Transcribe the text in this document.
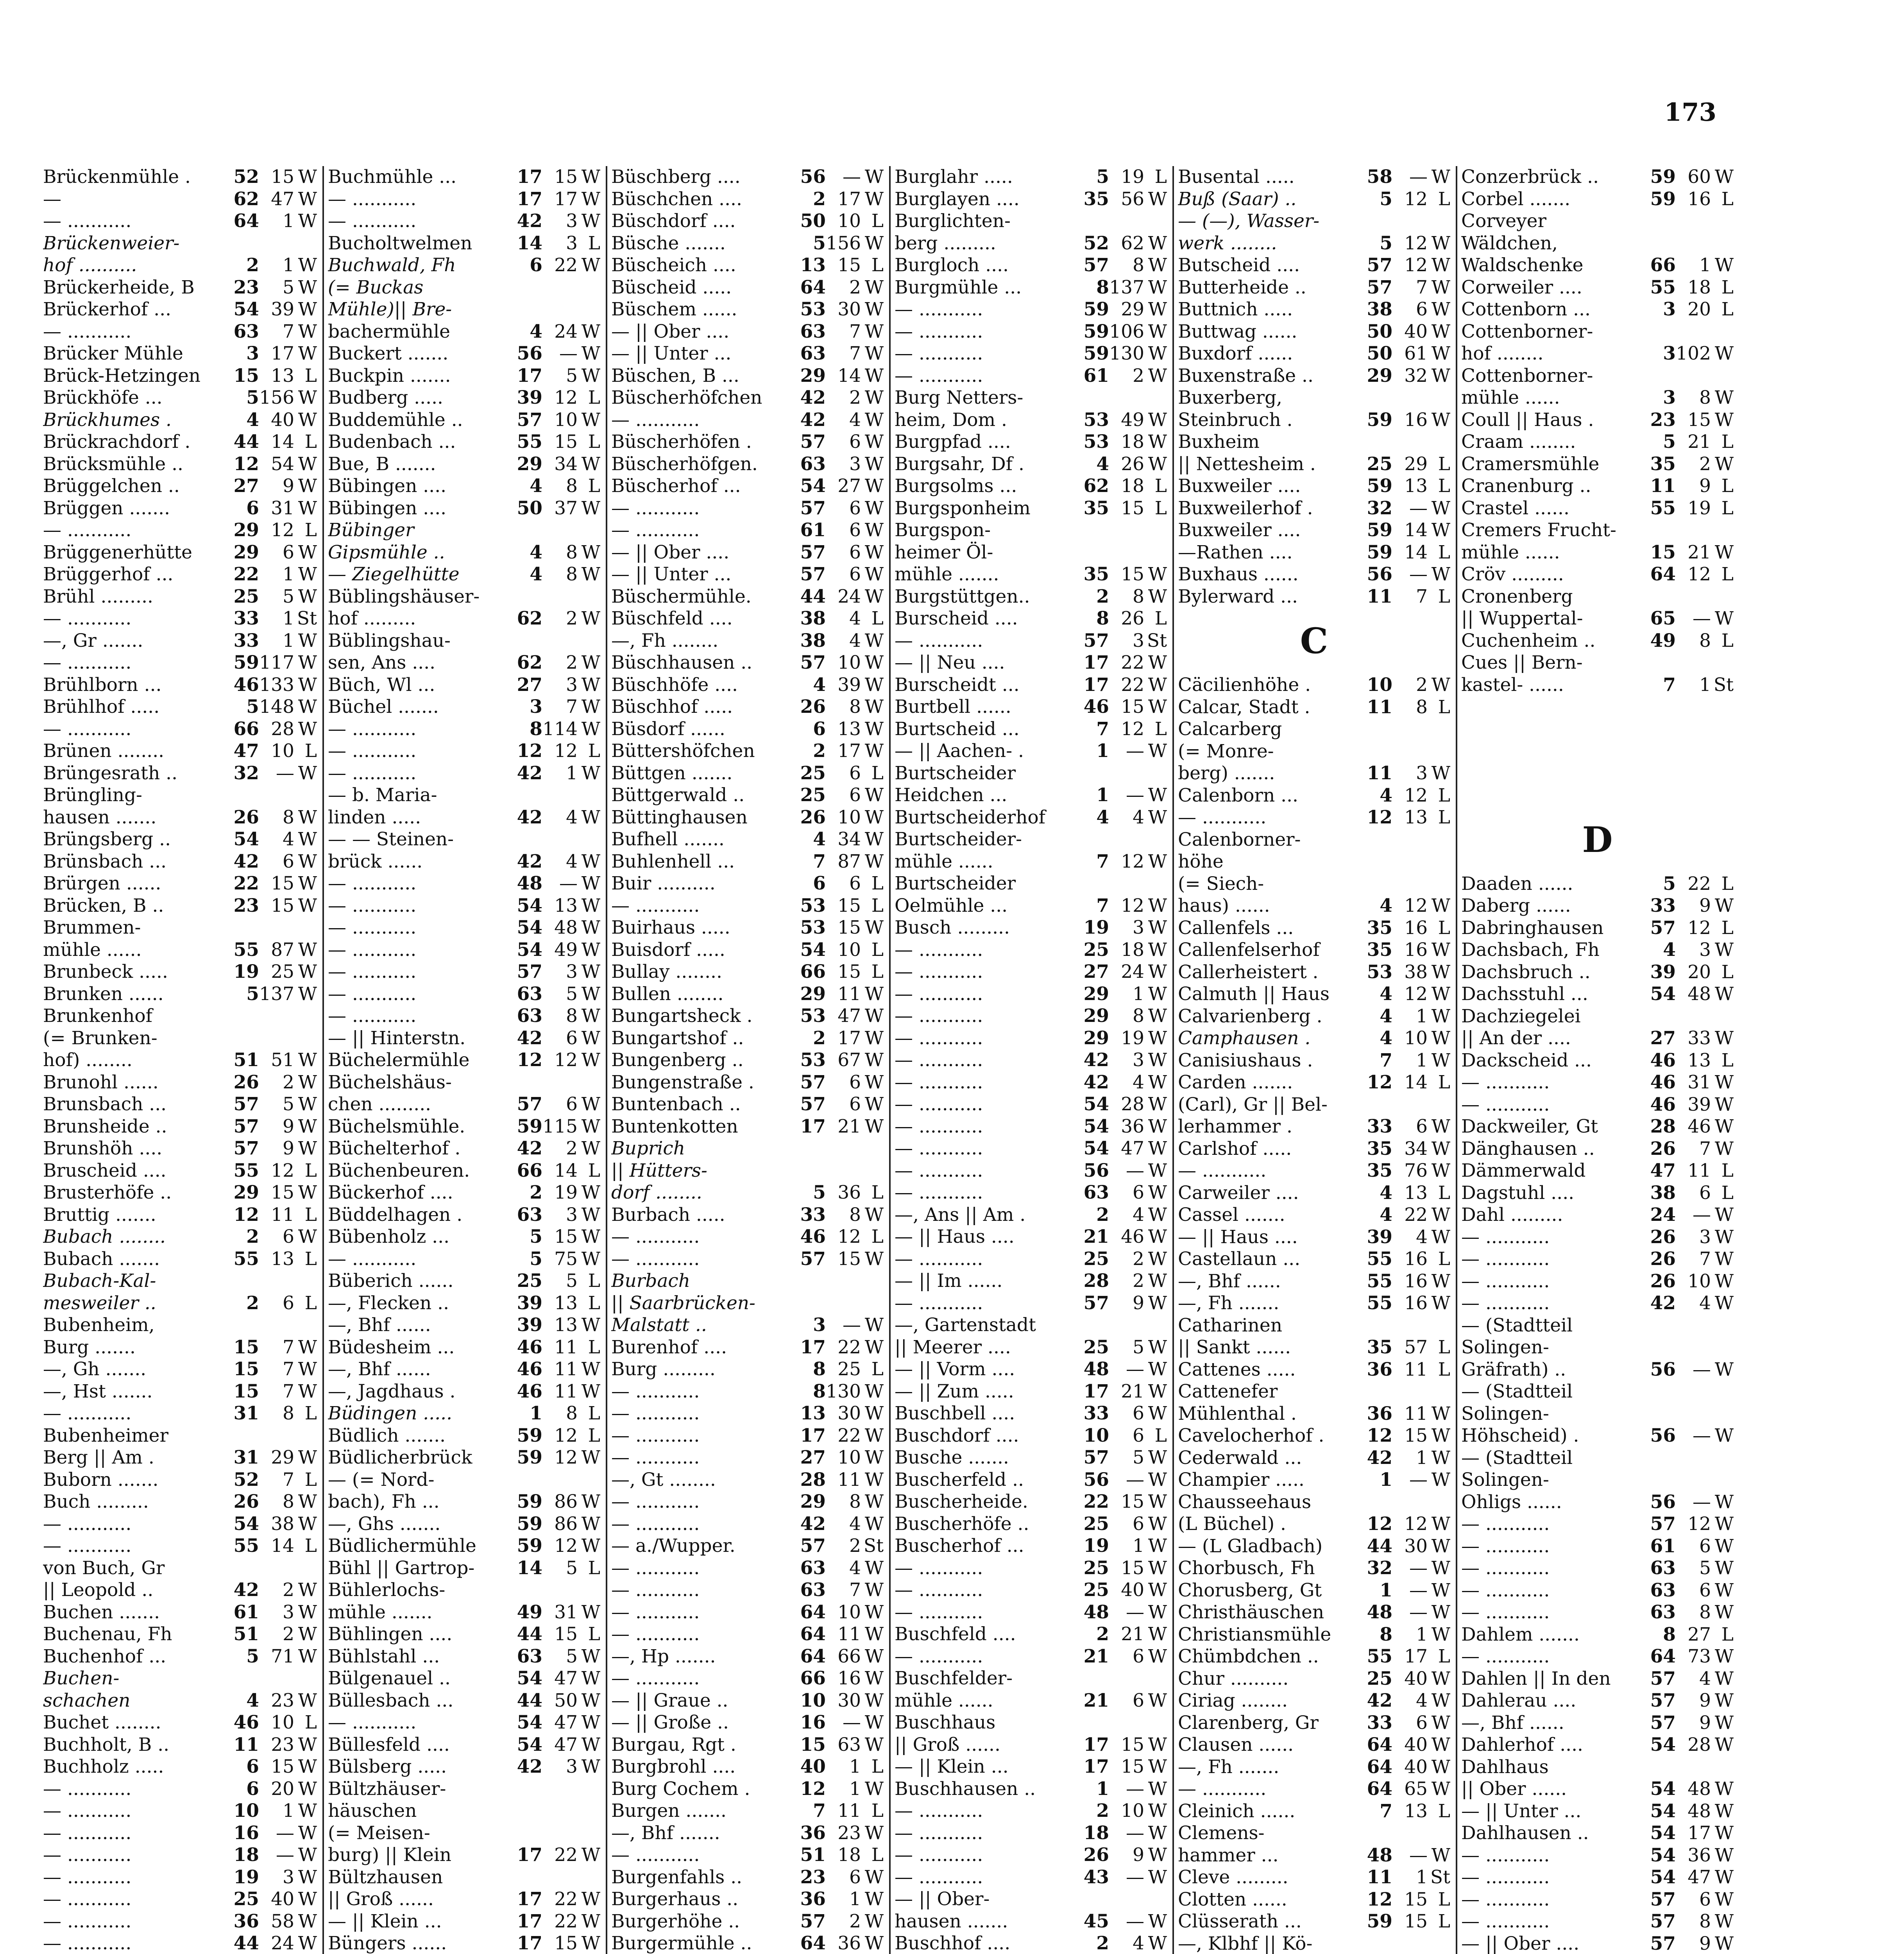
173
Brückenmühle .	52 15 W
—	62 47 W
— ...........	64	1 W
Brückenweier-
hof ..........	2	1 W
Brückerheide, B	23	5 W
Brückerhof ...	54 39 W
— ...........	63	7 W
Brücker Mühle	3 17 W
Brück-Hetzingen	15 13 L
Brückhöfe ...	5 156 W
Brückhumes .	4 40 W
Brückrachdorf .	44 14 L
Brücksmühle ..	12 54 W
Brüggelchen ..	27	9 W
Brüggen .......	6 31 W
— ...........	29 12 L
Brüggenerhütte	29	6 W
Brüggerhof ...	22	1 W
Brühl .........	25	5 W
— ...........	33	1 St
—, Gr .......	33	1 W
— ...........	59 117 W
Brühlborn ...	46 133 W
Brühlhof .....	5 148 W
— ...........	66 28 W
Brünen ........	47 10 L
Brüngesrath ..	32 — W
Brüngling-
hausen .......	26	8 W
Brüngsberg ..	54	4 W
Brünsbach ...	42	6 W
Brürgen ......	22 15 W
Brücken, B ..	23 15 W
Brummen-
mühle ......	55 87 W
Brunbeck .....	19 25 W
Brunken ......	5 137 W
Brunkenhof
(= Brunken-
hof) ........	51 51 W
Brunohl ......	26	2 W
Brunsbach ...	57	5 W
Brunsheide ..	57	9 W
Brunshöh ....	57	9 W
Bruscheid ....	55 12 L
Brusterhöfe ..	29 15 W
Bruttig .......	12 11 L
Bubach ........	2	6 W
Bubach .......	55 13 L
Bubach-Kal-
mesweiler ..	2	6 L
Bubenheim,
Burg .......	15	7 W
—, Gh .......	15	7 W
—, Hst .......	15	7 W
— ...........	31	8 L
Bubenheimer
Berg || Am .	31 29 W
Buborn .......	52	7 L
Buch .........	26	8 W
— ...........	54 38 W
— ...........	55 14 L
von Buch, Gr
|| Leopold ..	42	2 W
Buchen .......	61	3 W
Buchenau, Fh	51	2 W
Buchenhof ...	5 71 W
Buchen-
schachen	4 23 W
Buchet ........	46 10 L
Buchholt, B ..	11 23 W
Buchholz .....	6 15 W
— ...........	6 20 W
— ...........	10	1 W
— ...........	16 — W
— ...........	18 — W
— ...........	19	3 W
— ...........	25 40 W
— ...........	36 58 W
— ...........	44 24 W
Buchmühle ...	17 15 W
— ...........	17 17 W
— ...........	42	3 W
Bucholtwelmen	14	3 L
Buchwald, Fh	6 22 W
(= Buckas
Mühle)|| Bre-
bachermühle	4 24 W
Buckert .......	56 — W
Buckpin .......	17	5 W
Budberg .....	39 12 L
Buddemühle ..	57 10 W
Budenbach ...	55 15 L
Bue, B .......	29 34 W
Bübingen ....	4	8 L
Bübingen ....	50 37 W
Bübinger
Gipsmühle ..	4	8 W
— Ziegelhütte	4	8 W
Büblingshäuser-
hof .........	62	2 W
Büblingshau-
sen, Ans ....	62	2 W
Büch, Wl ...	27	3 W
Büchel .......	3	7 W
— ...........	8 114 W
— ...........	12 12 L
— ...........	42	1 W
— b. Maria-
linden .....	42	4 W
— — Steinen-
brück ......	42	4 W
— ...........	48 — W
— ...........	54 13 W
— ...........	54 48 W
— ...........	54 49 W
— ...........	57	3 W
— ...........	63	5 W
— ...........	63	8 W
— || Hinterstn.	42	6 W
Büchelermühle	12 12 W
Büchelshäus-
chen .........	57	6 W
Büchelsmühle.	59 115 W
Büchelterhof .	42	2 W
Büchenbeuren.	66 14 L
Bückerhof ....	2 19 W
Büddelhagen .	63	3 W
Bübenholz ...	5 15 W
— ...........	5 75 W
Büberich ......	25	5 L
—, Flecken ..	39 13 L
—, Bhf ......	39 13 W
Büdesheim ...	46 11 L
—, Bhf ......	46 11 W
—, Jagdhaus .	46 11 W
Büdingen .....	1	8 L
Büdlich .......	59 12 L
Büdlicherbrück	59 12 W
— (= Nord-
bach), Fh ...	59 86 W
—, Ghs .......	59 86 W
Büdlichermühle	59 12 W
Bühl || Gartrop-	14	5 L
Bühlerlochs-
mühle .......	49 31 W
Bühlingen ....	44 15 L
Bühlstahl ...	63	5 W
Bülgenauel ..	54 47 W
Büllesbach ...	44 50 W
— ...........	54 47 W
Büllesfeld ....	54 47 W
Bülsberg .....	42	3 W
Bültzhäuser-
häuschen
(= Meisen-
burg) || Klein	17 22 W
Bültzhausen
|| Groß ......	17 22 W
— || Klein ...	17 22 W
Büngers ......	17 15 W
Büschberg ....	56 — W
Büschchen ....	2 17 W
Büschdorf ....	50 10 L
Büsche .......	5 156 W
Büscheich ....	13 15 L
Büscheid .....	64	2 W
Büschem ......	53 30 W
— || Ober ....	63	7 W
— || Unter ...	63	7 W
Büschen, B ...	29 14 W
Büscherhöfchen	42	2 W
— ...........	42	4 W
Büscherhöfen .	57	6 W
Büscherhöfgen.	63	3 W
Büscherhof ...	54 27 W
— ...........	57	6 W
— ...........	61	6 W
— || Ober ....	57	6 W
— || Unter ...	57	6 W
Büschermühle.	44 24 W
Büschfeld ....	38	4 L
—, Fh ........	38	4 W
Büschhausen ..	57 10 W
Büschhöfe ....	4 39 W
Büschhof .....	26	8 W
Büsdorf ......	6 13 W
Büttershöfchen	2 17 W
Büttgen .......	25	6 L
Büttgerwald ..	25	6 W
Büttinghausen	26 10 W
Bufhell .......	4 34 W
Buhlenhell ...	7 87 W
Buir ..........	6	6 L
— ...........	53 15 L
Buirhaus .....	53 15 W
Buisdorf .....	54 10 L
Bullay ........	66 15 L
Bullen ........	29 11 W
Bungartsheck .	53 47 W
Bungartshof ..	2 17 W
Bungenberg ..	53 67 W
Bungenstraße .	57	6 W
Buntenbach ..	57	6 W
Buntenkotten	17 21 W
Buprich
|| Hütters-
dorf ........	5 36 L
Burbach .....	33	8 W
— ...........	46 12 L
— ...........	57 15 W
Burbach
|| Saarbrücken-
Malstatt ..	3 — W
Burenhof ....	17 22 W
Burg .........	8 25 L
— ...........	8 130 W
— ...........	13 30 W
— ...........	17 22 W
— ...........	27 10 W
—, Gt ........	28 11 W
— ...........	29	8 W
— ...........	42	4 W
— a./Wupper.	57	2 St
— ...........	63	4 W
— ...........	63	7 W
— ...........	64 10 W
— ...........	64 11 W
—, Hp .......	64 66 W
— ...........	66 16 W
— || Graue ..	10 30 W
— || Große ..	16 — W
Burgau, Rgt .	15 63 W
Burgbrohl ....	40	1 L
Burg Cochem .	12	1 W
Burgen .......	7 11 L
—, Bhf .......	36 23 W
— ...........	51 18 L
Burgenfahls ..	23	6 W
Burgerhaus ..	36	1 W
Burgerhöhe ..	57	2 W
Burgermühle ..	64 36 W
Burglahr .....	5 19 L
Burglayen ....	35 56 W
Burglichten-
berg .........	52 62 W
Burgloch ....	57	8 W
Burgmühle ...	8 137 W
— ...........	59 29 W
— ...........	59 106 W
— ...........	59 130 W
— ...........	61	2 W
Burg Netters-
heim, Dom .	53 49 W
Burgpfad ....	53 18 W
Burgsahr, Df .	4 26 W
Burgsolms ...	62 18 L
Burgsponheim	35 15 L
Burgspon-
heimer Öl-
mühle .......	35 15 W
Burgstüttgen..	2	8 W
Burscheid ....	8 26 L
— ...........	57	3 St
— || Neu ....	17 22 W
Burscheidt ...	17 22 W
Burtbell ......	46 15 W
Burtscheid ...	7 12 L
— || Aachen- .	1 — W
Burtscheider
Heidchen ...	1 — W
Burtscheiderhof	4	4 W
Burtscheider-
mühle ......	7 12 W
Burtscheider
Oelmühle ...	7 12 W
Busch .........	19	3 W
— ...........	25 18 W
— ...........	27 24 W
— ...........	29	1 W
— ...........	29	8 W
— ...........	29 19 W
— ...........	42	3 W
— ...........	42	4 W
— ...........	54 28 W
— ...........	54 36 W
— ...........	54 47 W
— ...........	56 — W
— ...........	63	6 W
—, Ans || Am .	2	4 W
— || Haus ....	21 46 W
— ...........	25	2 W
— || Im ......	28	2 W
— ...........	57	9 W
—, Gartenstadt
|| Meerer ....	25	5 W
— || Vorm ....	48 — W
— || Zum .....	17 21 W
Buschbell ....	33	6 W
Buschdorf ....	10	6 L
Busche .......	57	5 W
Buscherfeld ..	56 — W
Buscherheide.	22 15 W
Buscherhöfe ..	25	6 W
Buscherhof ...	19	1 W
— ...........	25 15 W
— ...........	25 40 W
— ...........	48 — W
Buschfeld ....	2 21 W
— ...........	21	6 W
Buschfelder-
mühle ......	21	6 W
Buschhaus
|| Groß ......	17 15 W
— || Klein ...	17 15 W
Buschhausen ..	1 — W
— ...........	2 10 W
— ...........	18 — W
— ...........	26	9 W
— ...........	43 — W
— || Ober-
hausen .......	45 — W
Buschhof ....	2	4 W
Busental .....	58 — W
Buß (Saar) ..	5 12 L
— (—), Wasser-
werk ........	5 12 W
Butscheid ....	57 12 W
Butterheide ..	57	7 W
Buttnich .....	38	6 W
Buttwag ......	50 40 W
Buxdorf ......	50 61 W
Buxenstraße ..	29 32 W
Buxerberg,
Steinbruch .	59 16 W
Buxheim
|| Nettesheim .	25 29 L
Buxweiler ....	59 13 L
Buxweilerhof .	32 — W
Buxweiler ....	59 14 W
—Rathen ....	59 14 L
Buxhaus ......	56 — W
Bylerward ...	11	7 L
C
Cäcilienhöhe .	10	2 W
Calcar, Stadt .	11	8 L
Calcarberg
(= Monre-
berg) .......	11	3 W
Calenborn ...	4 12 L
— ...........	12 13 L
Calenborner-
höhe
(= Siech-
haus) ......	4 12 W
Callenfels ...	35 16 L
Callenfelserhof	35 16 W
Callerheistert .	53 38 W
Calmuth || Haus	4 12 W
Calvarienberg .	4	1 W
Camphausen .	4 10 W
Canisiushaus .	7	1 W
Carden .......	12 14 L
(Carl), Gr || Bel-
lerhammer .	33	6 W
Carlshof .....	35 34 W
— ...........	35 76 W
Carweiler ....	4 13 L
Cassel .......	4 22 W
— || Haus ....	39	4 W
Castellaun ...	55 16 L
—, Bhf ......	55 16 W
—, Fh .......	55 16 W
Catharinen
|| Sankt ......	35 57 L
Cattenes .....	36 11 L
Cattenefer
Mühlenthal .	36 11 W
Cavelocherhof .	12 15 W
Cederwald ...	42	1 W
Champier .....	1 — W
Chausseehaus
(L Büchel) .	12 12 W
— (L Gladbach)	44 30 W
Chorbusch, Fh	32 — W
Chorusberg, Gt	1 — W
Christhäuschen	48 — W
Christiansmühle	8	1 W
Chümbdchen ..	55 17 L
Chur ..........	25 40 W
Ciriag ........	42	4 W
Clarenberg, Gr	33	6 W
Clausen ......	64 40 W
—, Fh .......	64 40 W
— ...........	64 65 W
Cleinich ......	7 13 L
Clemens-
hammer ...	48 — W
Cleve .........	11	1 St
Clotten ......	12 15 L
Clüsserath ...	59 15 L
—, Klbhf || Kö-
Conzerbrück ..	59 60 W
Corbel .......	59 16 L
Corveyer
Wäldchen,
Waldschenke	66	1 W
Corweiler ....	55 18 L
Cottenborn ...	3 20 L
Cottenborner-
hof ........	3 102 W
Cottenborner-
mühle ......	3	8 W
Coull || Haus .	23 15 W
Craam ........	5 21 L
Cramersmühle	35	2 W
Cranenburg ..	11	9 L
Crastel ......	55 19 L
Cremers Frucht-
mühle ......	15 21 W
Cröv .........	64 12 L
Cronenberg
|| Wuppertal-	65 — W
Cuchenheim ..	49	8 L
Cues || Bern-
kastel- ......	7	1 St
D
Daaden ......	5 22 L
Daberg ......	33	9 W
Dabringhausen	57 12 L
Dachsbach, Fh	4	3 W
Dachsbruch ..	39 20 L
Dachsstuhl ...	54 48 W
Dachziegelei
|| An der ....	27 33 W
Dackscheid ...	46 13 L
— ...........	46 31 W
— ...........	46 39 W
Dackweiler, Gt	28 46 W
Dänghausen ..	26	7 W
Dämmerwald	47 11 L
Dagstuhl ....	38	6 L
Dahl .........	24 — W
— ...........	26	3 W
— ...........	26	7 W
— ...........	26 10 W
— ...........	42	4 W
— (Stadtteil
Solingen-
Gräfrath) ..	56 — W
— (Stadtteil
Solingen-
Höhscheid) .	56 — W
— (Stadtteil
Solingen-
Ohligs ......	56 — W
— ...........	57 12 W
— ...........	61	6 W
— ...........	63	5 W
— ...........	63	6 W
— ...........	63	8 W
Dahlem .......	8 27 L
— ...........	64 73 W
Dahlen || In den	57	4 W
Dahlerau ....	57	9 W
—, Bhf ......	57	9 W
Dahlerhof ....	54 28 W
Dahlhaus
|| Ober ......	54 48 W
— || Unter ...	54 48 W
Dahlhausen ..	54 17 W
— ...........	54 36 W
— ...........	54 47 W
— ...........	57	6 W
— ...........	57	8 W
— || Ober ....	57	9 W
